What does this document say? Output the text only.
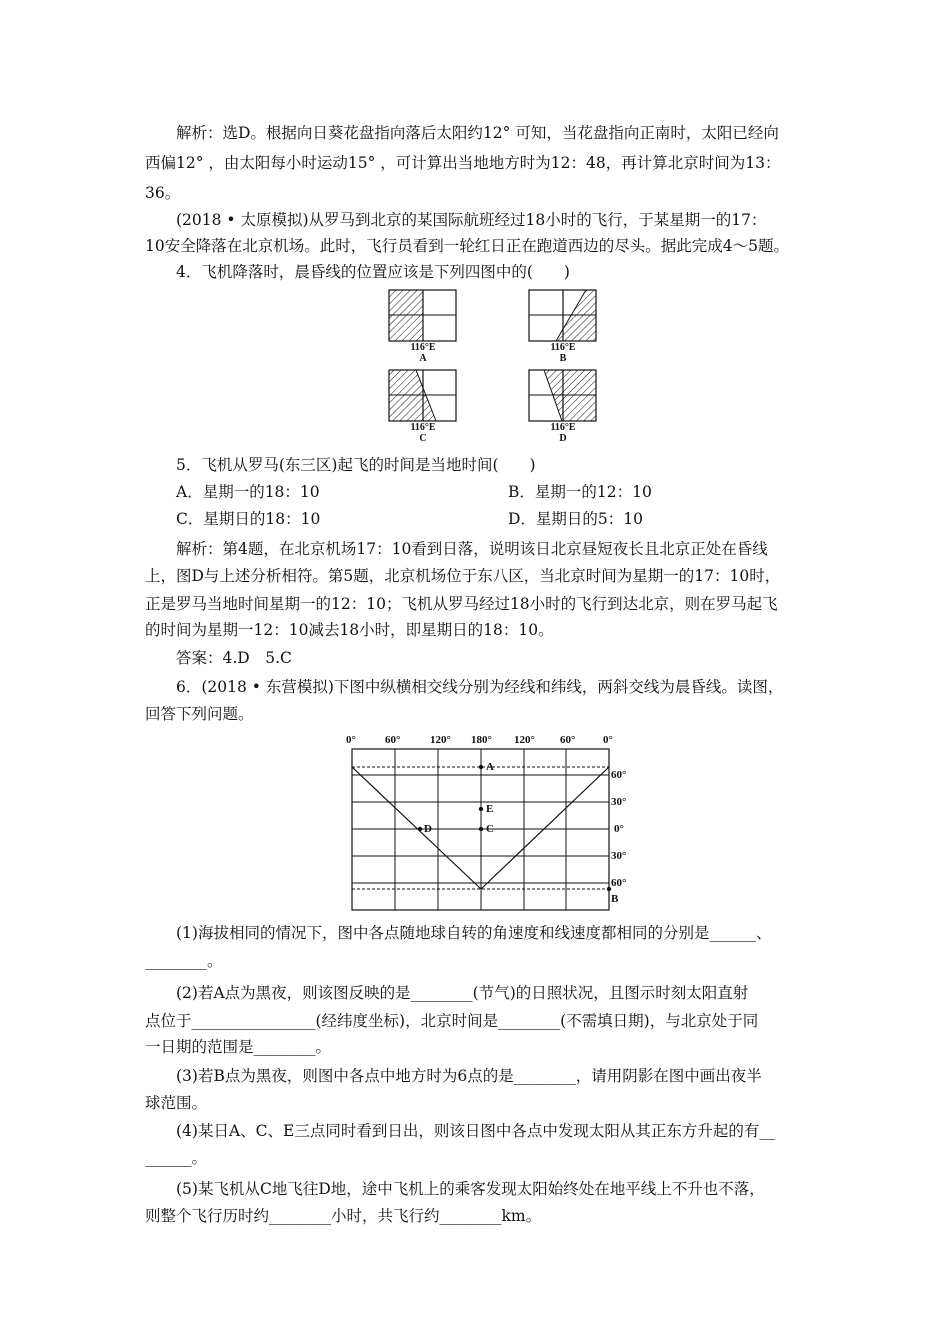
解析：选D。根据向日葵花盘指向落后太阳约12° 可知，当花盘指向正南时，太阳已经向
西偏12° ，由太阳每小时运动15° ，可计算出当地地方时为12：48，再计算北京时间为13：
36。
(2018 • 太原模拟)从罗马到北京的某国际航班经过18小时的飞行，于某星期一的17：
10安全降落在北京机场。此时，飞行员看到一轮红日正在跑道西边的尽头。据此完成4～5题。
4．飞机降落时，晨昏线的位置应该是下列四图中的(　　)
116°E
A
116°E
B
116°E
C
116°E
D
5．飞机从罗马(东三区)起飞的时间是当地时间(　　)
A．星期一的18：10	B．星期一的12：10
C．星期日的18：10	D．星期日的5：10
解析：第4题，在北京机场17：10看到日落，说明该日北京昼短夜长且北京正处在昏线
上，图D与上述分析相符。第5题，北京机场位于东八区，当北京时间为星期一的17：10时，
正是罗马当地时间星期一的12：10；飞机从罗马经过18小时的飞行到达北京，则在罗马起飞
的时间为星期一12：10减去18小时，即星期日的18：10。
答案：4.D　5.C
6．(2018 • 东营模拟)下图中纵横相交线分别为经线和纬线，两斜交线为晨昏线。读图，
回答下列问题。
0°	60°	120° 180° 120° 60°	0°
60°
30°
0°
30°
60°
A
E
C
D
B
(1)海拔相同的情况下，图中各点随地球自转的角速度和线速度都相同的分别是______、
________。
(2)若A点为黑夜，则该图反映的是________(节气)的日照状况，且图示时刻太阳直射
点位于________________(经纬度坐标)，北京时间是________(不需填日期)，与北京处于同
一日期的范围是________。
(3)若B点为黑夜，则图中各点中地方时为6点的是________，请用阴影在图中画出夜半
球范围。
(4)某日A、C、E三点同时看到日出，则该日图中各点中发现太阳从其正东方升起的有__
______。
(5)某飞机从C地飞往D地，途中飞机上的乘客发现太阳始终处在地平线上不升也不落，
则整个飞行历时约________小时，共飞行约________km。
